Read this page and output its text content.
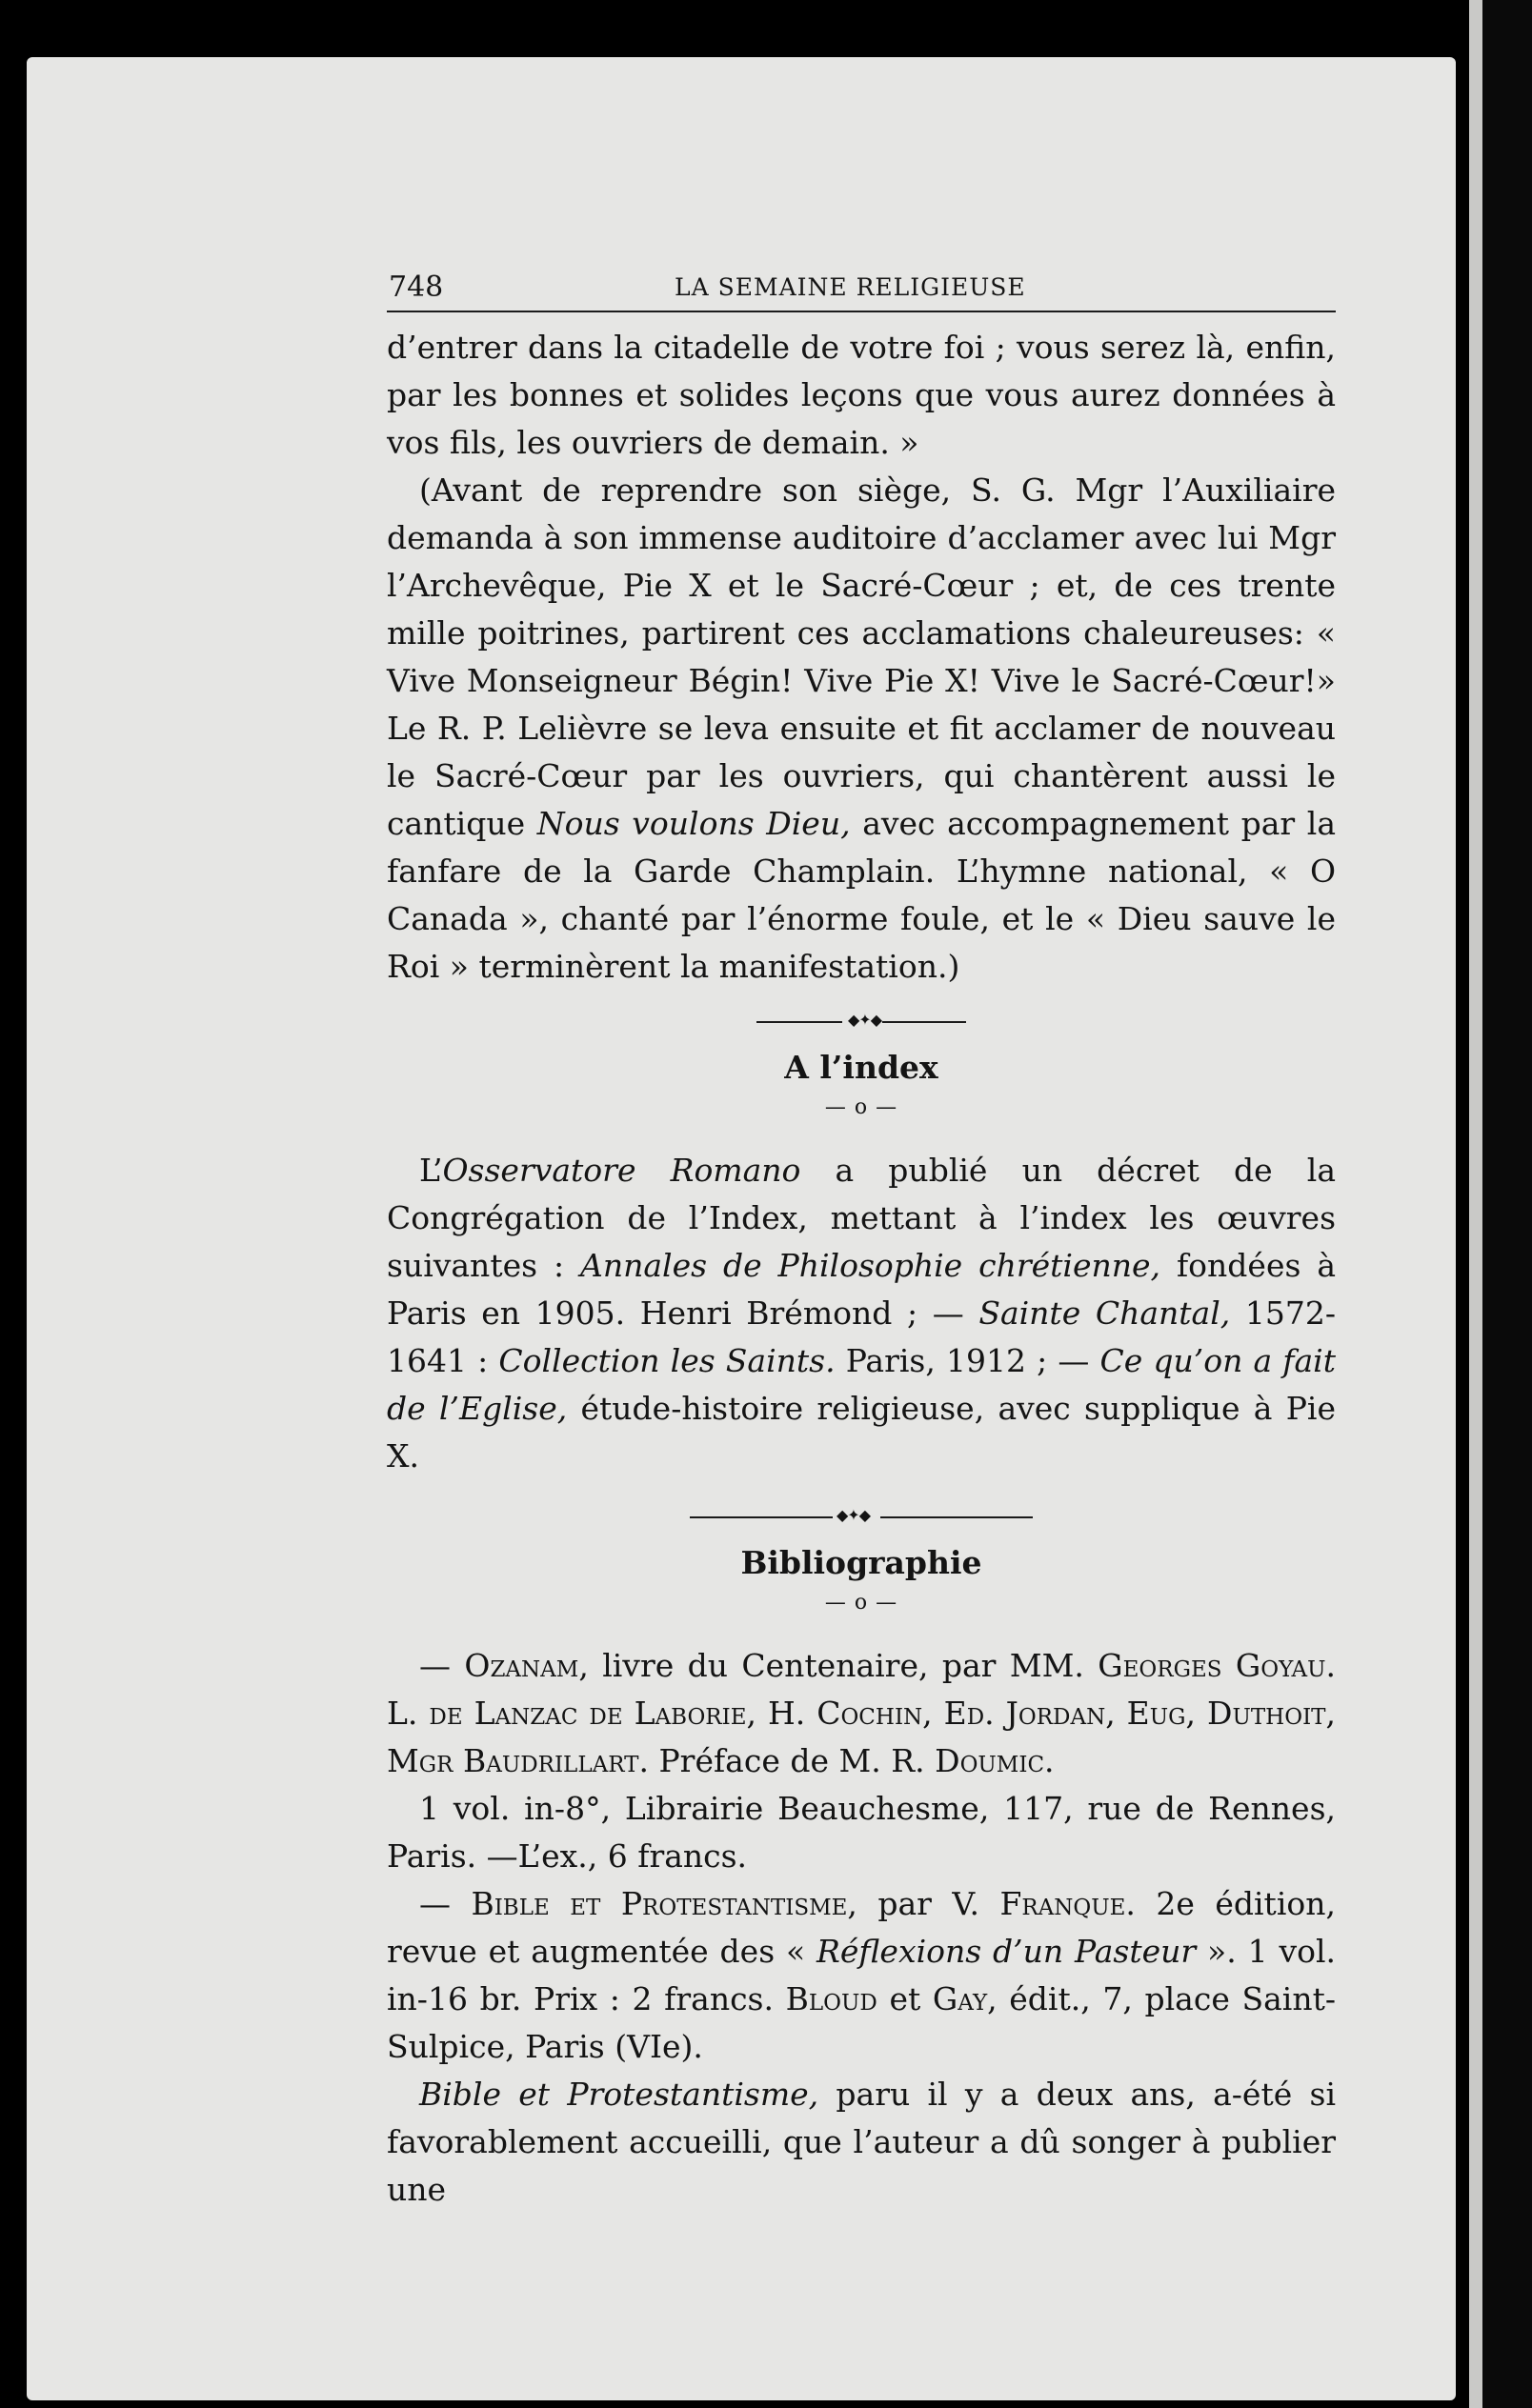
748	LA SEMAINE RELIGIEUSE

d’entrer dans la citadelle de votre foi ; vous serez là, enfin, par les bonnes et solides leçons que vous aurez données à vos fils, les ouvriers de demain. »

(Avant de reprendre son siège, S. G. Mgr l’Auxiliaire demanda à son immense auditoire d’acclamer avec lui Mgr l’Archevêque, Pie X et le Sacré-Cœur ; et, de ces trente mille poitrines, partirent ces acclamations chaleureuses: « Vive Monseigneur Bégin! Vive Pie X! Vive le Sacré-Cœur!» Le R. P. Lelièvre se leva ensuite et fit acclamer de nouveau le Sacré-Cœur par les ouvriers, qui chantèrent aussi le cantique Nous voulons Dieu, avec accompagnement par la fanfare de la Garde Champlain. L’hymne national, « O Canada », chanté par l’énorme foule, et le « Dieu sauve le Roi » terminèrent la manifestation.)

◆✦◆
A l’index
— o —

L’Osservatore Romano a publié un décret de la Congrégation de l’Index, mettant à l’index les œuvres suivantes : Annales de Philosophie chrétienne, fondées à Paris en 1905. Henri Brémond ; — Sainte Chantal, 1572-1641 : Collection les Saints. Paris, 1912 ; — Ce qu’on a fait de l’Eglise, étude-histoire religieuse, avec supplique à Pie X.

◆✦◆
Bibliographie
— o —

— Ozanam, livre du Centenaire, par MM. Georges Goyau. L. de Lanzac de Laborie, H. Cochin, Ed. Jordan, Eug, Duthoit, Mgr Baudrillart. Préface de M. R. Doumic.

1 vol. in-8°, Librairie Beauchesme, 117, rue de Rennes, Paris. —L’ex., 6 francs.

— Bible et Protestantisme, par V. Franque. 2e édition, revue et augmentée des « Réflexions d’un Pasteur ». 1 vol. in-16 br. Prix : 2 francs. Bloud et Gay, édit., 7, place Saint-Sulpice, Paris (VIe).

Bible et Protestantisme, paru il y a deux ans, a-été si favorablement accueilli, que l’auteur a dû songer à publier une
